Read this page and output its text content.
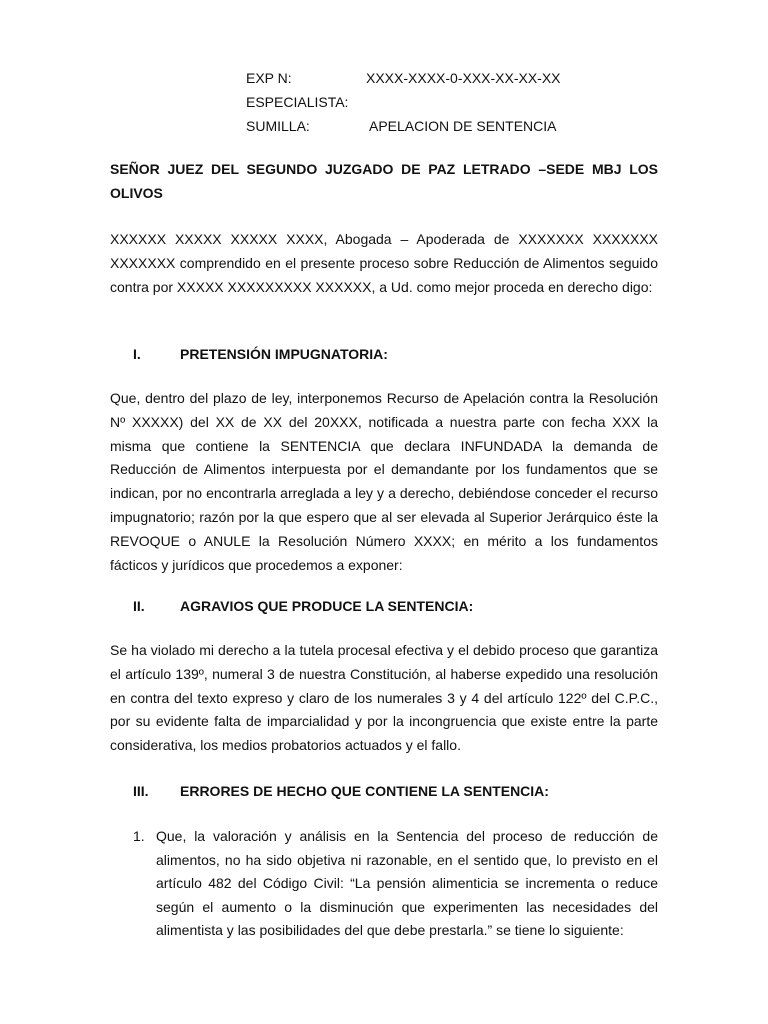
EXP N:	XXXX-XXXX-0-XXX-XX-XX-XX
ESPECIALISTA:
SUMILLA:	APELACION DE SENTENCIA
SEÑOR JUEZ DEL SEGUNDO JUZGADO DE PAZ LETRADO –SEDE MBJ LOS OLIVOS
XXXXXX XXXXX XXXXX XXXX, Abogada – Apoderada de XXXXXXX XXXXXXX XXXXXXX comprendido en el presente proceso sobre Reducción de Alimentos seguido contra por XXXXX XXXXXXXXX XXXXXX, a Ud. como mejor proceda en derecho digo:
I.	PRETENSIÓN IMPUGNATORIA:
Que, dentro del plazo de ley, interponemos Recurso de Apelación contra la Resolución Nº XXXXX) del XX de XX del 20XXX, notificada a nuestra parte con fecha XXX la misma que contiene la SENTENCIA que declara INFUNDADA la demanda de Reducción de Alimentos interpuesta por el demandante por los fundamentos que se indican, por no encontrarla arreglada a ley y a derecho, debiéndose conceder el recurso impugnatorio; razón por la que espero que al ser elevada al Superior Jerárquico éste la REVOQUE o ANULE la Resolución Número XXXX; en mérito a los fundamentos fácticos y jurídicos que procedemos a exponer:
II.	AGRAVIOS QUE PRODUCE LA SENTENCIA:
Se ha violado mi derecho a la tutela procesal efectiva y el debido proceso que garantiza el artículo 139º, numeral 3 de nuestra Constitución, al haberse expedido una resolución en contra del texto expreso y claro de los numerales 3 y 4 del artículo 122º del C.P.C., por su evidente falta de imparcialidad y por la incongruencia que existe entre la parte considerativa, los medios probatorios actuados y el fallo.
III. ERRORES DE HECHO QUE CONTIENE LA SENTENCIA:
1. Que, la valoración y análisis en la Sentencia del proceso de reducción de alimentos, no ha sido objetiva ni razonable, en el sentido que, lo previsto en el artículo 482 del Código Civil: “La pensión alimenticia se incrementa o reduce según el aumento o la disminución que experimenten las necesidades del alimentista y las posibilidades del que debe prestarla.” se tiene lo siguiente:
